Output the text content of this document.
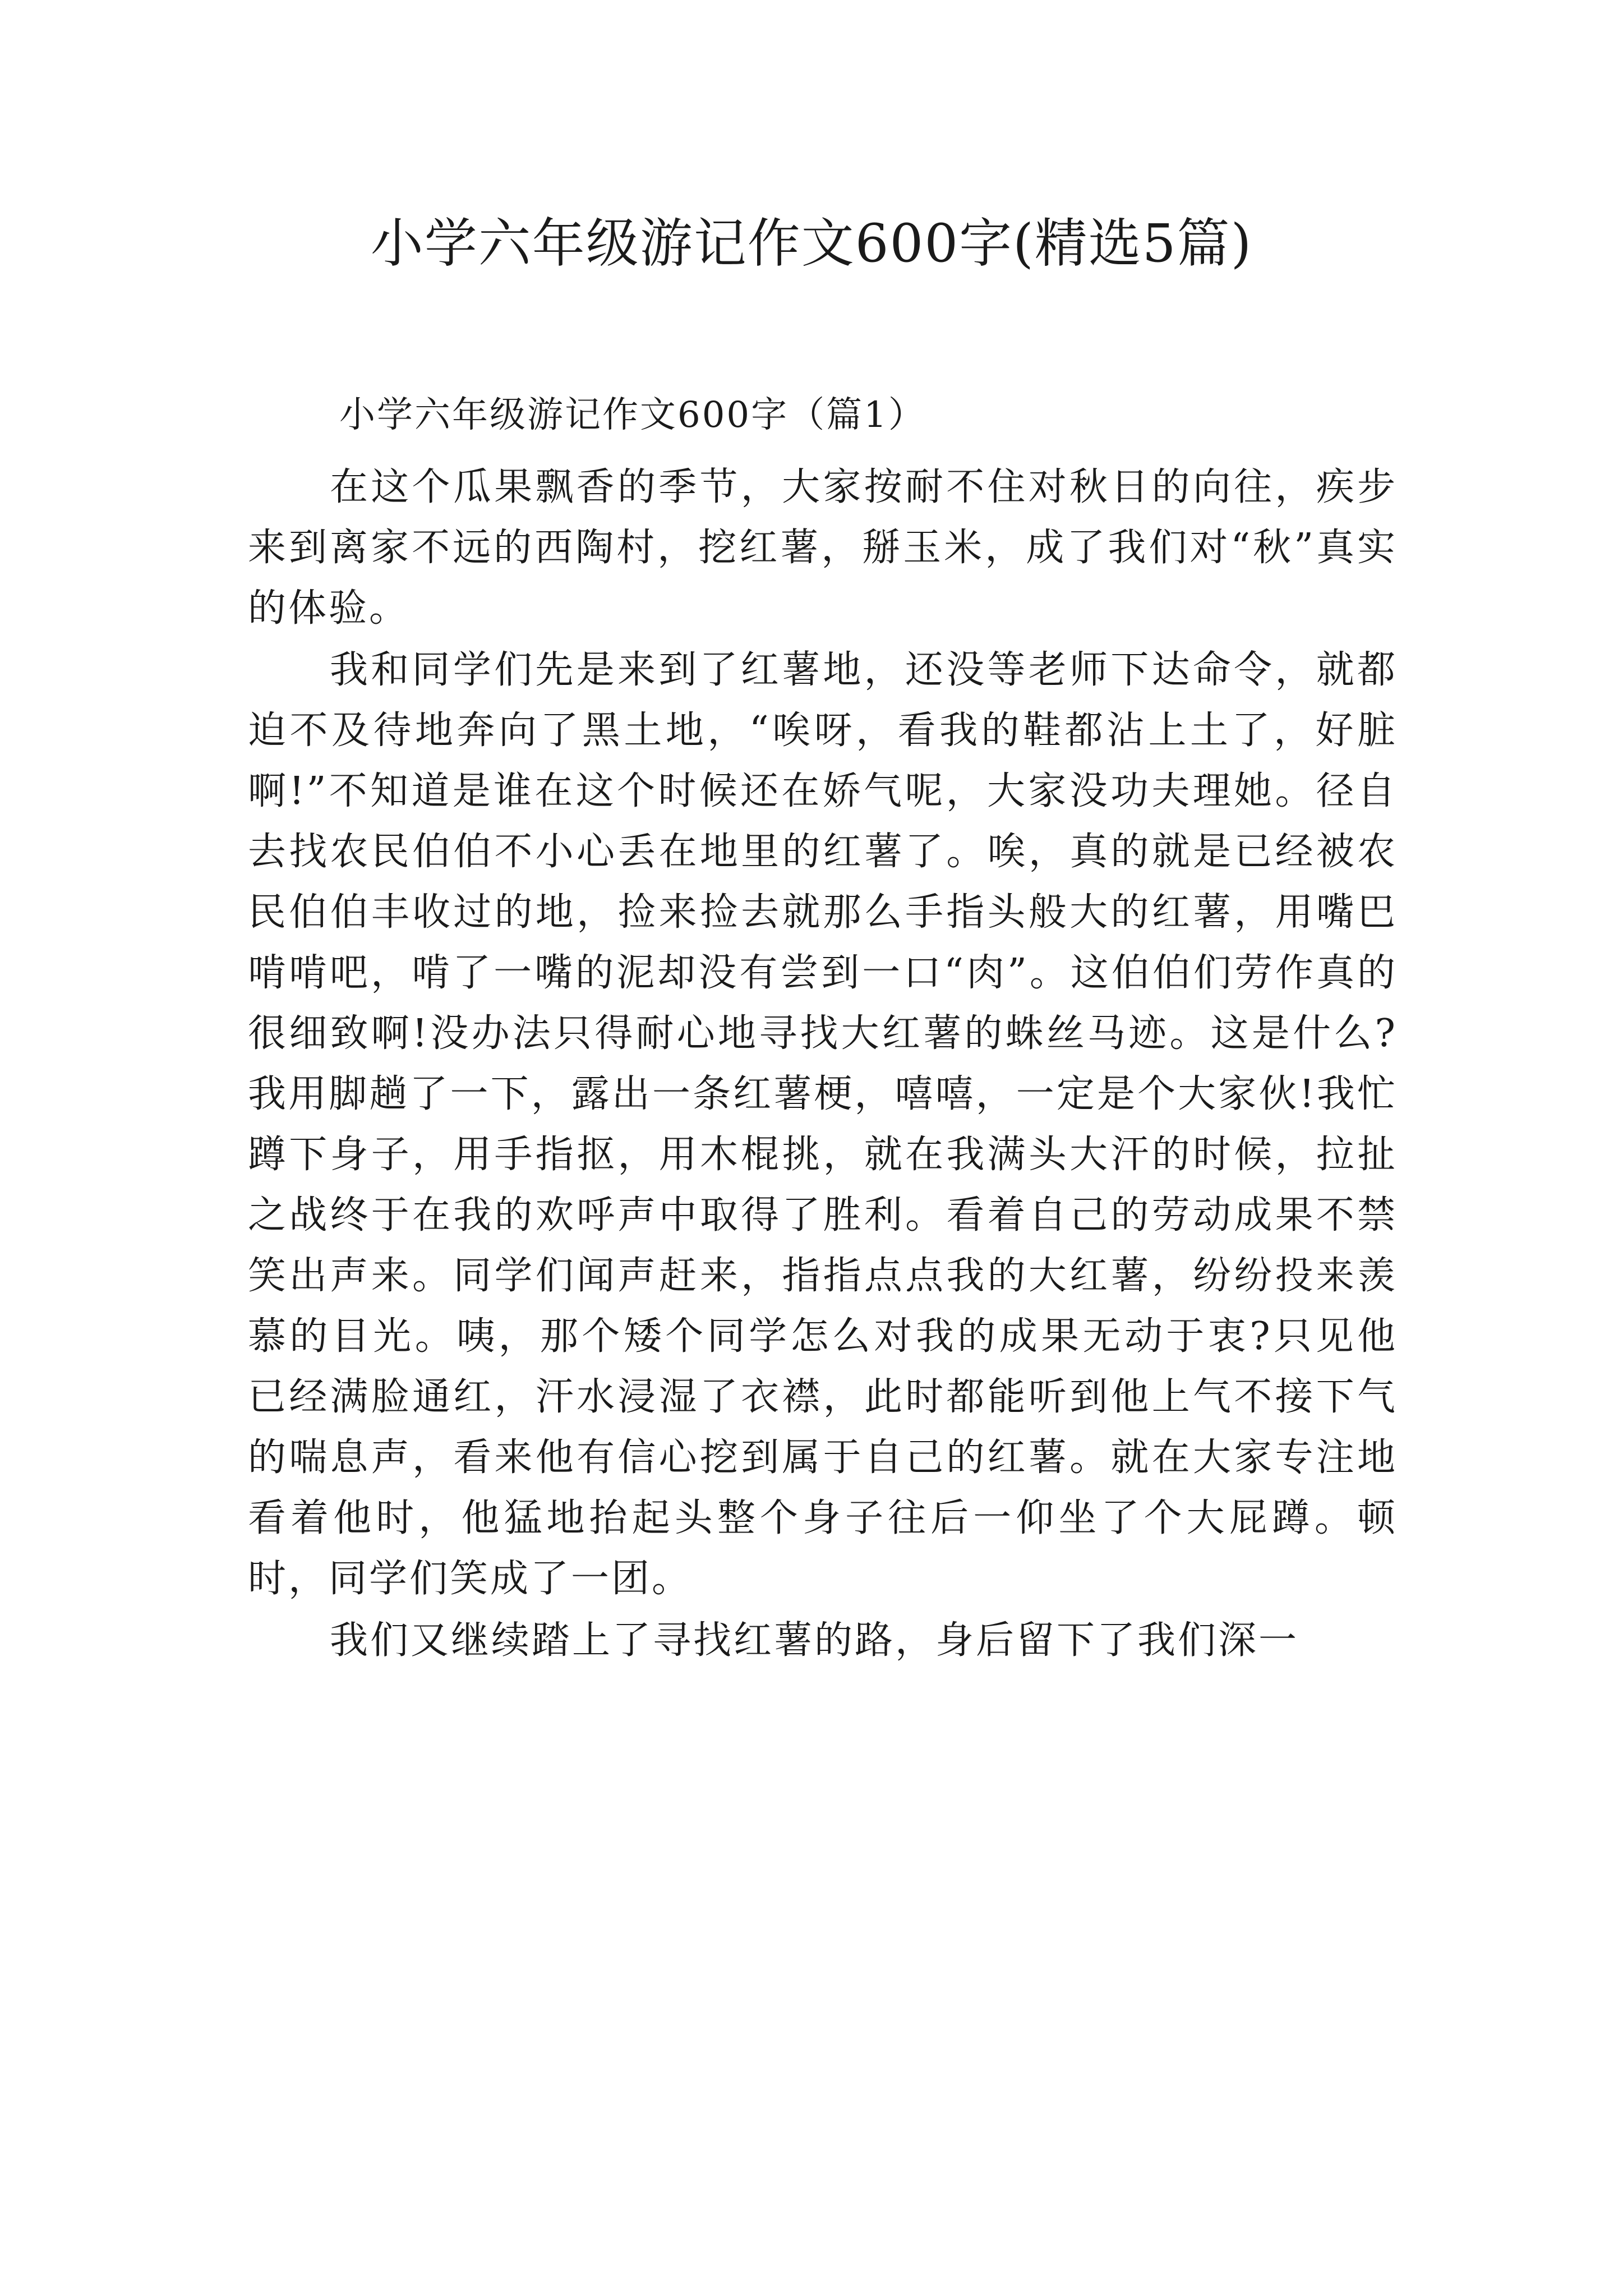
小学六年级游记作文600字(精选5篇)
小学六年级游记作文600字（篇1）

在这个瓜果飘香的季节，大家按耐不住对秋日的向往，疾步来到离家不远的西陶村，挖红薯，掰玉米，成了我们对“秋”真实的体验。

我和同学们先是来到了红薯地，还没等老师下达命令，就都迫不及待地奔向了黑土地，“唉呀，看我的鞋都沾上土了，好脏啊!”不知道是谁在这个时候还在娇气呢，大家没功夫理她。径自去找农民伯伯不小心丢在地里的红薯了。唉，真的就是已经被农民伯伯丰收过的地，捡来捡去就那么手指头般大的红薯，用嘴巴啃啃吧，啃了一嘴的泥却没有尝到一口“肉”。这伯伯们劳作真的很细致啊!没办法只得耐心地寻找大红薯的蛛丝马迹。这是什么?我用脚趟了一下，露出一条红薯梗，嘻嘻，一定是个大家伙!我忙蹲下身子，用手指抠，用木棍挑，就在我满头大汗的时候，拉扯之战终于在我的欢呼声中取得了胜利。看着自己的劳动成果不禁笑出声来。同学们闻声赶来，指指点点我的大红薯，纷纷投来羡慕的目光。咦，那个矮个同学怎么对我的成果无动于衷?只见他已经满脸通红，汗水浸湿了衣襟，此时都能听到他上气不接下气的喘息声，看来他有信心挖到属于自己的红薯。就在大家专注地看着他时，他猛地抬起头整个身子往后一仰坐了个大屁蹲。顿时，同学们笑成了一团。

我们又继续踏上了寻找红薯的路，身后留下了我们深一
